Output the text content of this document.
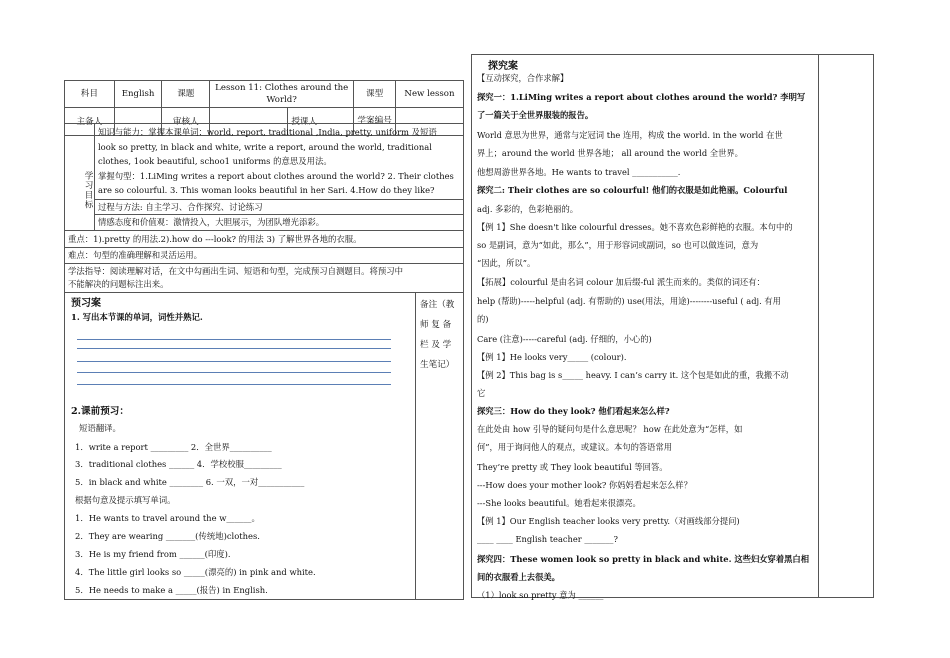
科目	English	课题	Lesson 11: Clothes around the World?		课型	New lesson
主备人		审核人		授课人	学案编号	
学习目标
知识与能力：掌握本课单词：world, report, traditional ,India, pretty, uniform 及短语
look so pretty, in black and white, write a report, around the world, traditional
clothes, 1ook beautiful, schoo1 uniforms 的意思及用法。
掌握句型：1.LiMing writes a report about clothes around the world? 2. Their clothes
are so colourful. 3. This woman looks beautiful in her Sari. 4.How do they like?
过程与方法: 自主学习、合作探究、讨论练习
情感态度和价值观：激情投入，大胆展示，为团队增光添彩。
重点：1).pretty 的用法.2).how do ---look? 的用法 3) 了解世界各地的衣服。
难点：句型的准确理解和灵活运用。
学法指导：阅读理解对话，在文中勾画出生词、短语和句型，完成预习自测题目。将预习中
不能解决的问题标注出来。
预习案
1. 写出本节课的单词，词性并熟记.
2.课前预习：
短语翻译。
1．write a report _________ 2．全世界__________
3．traditional clothes ______ 4．学校校服_________
5．in black and white ________ 6. 一双，一对___________
根据句意及提示填写单词。
1．He wants to travel around the w______。
2．They are wearing _______(传统地)clothes.
3．He is my friend from ______(印度).
4．The little girl looks so _____(漂亮的) in pink and white.
5．He needs to make a _____(报告) in English.
备注（教
师 复 备
栏 及 学
生笔记）
探究案
【互动探究，合作求解】
探究一：1.LiMing writes a report about clothes around the world? 李明写
了一篇关于全世界服装的报告。
World 意思为世界，通常与定冠词 the 连用，构成 the world. in the world 在世
界上；around the world 世界各地； all around the world 全世界。
他想周游世界各地。He wants to travel ___________.
探究二: Their clothes are so colourful! 他们的衣服是如此艳丽。Colourful
adj. 多彩的，色彩艳丽的。
【例 1】She doesn't like colourful dresses。她不喜欢色彩鲜艳的衣服。本句中的
so 是副词，意为“如此，那么”，用于形容词或副词，so 也可以做连词，意为
“因此，所以”。
【拓展】colourful 是由名词 colour 加后缀-ful 派生而来的。类似的词还有：
help (帮助)-----helpful (adj. 有帮助的) use(用法，用途)--------useful ( adj. 有用
的)
Care (注意)-----careful (adj. 仔细的，小心的)
【例 1】He looks very_____ (colour).
【例 2】This bag is s_____ heavy. I can’s carry it. 这个包是如此的重，我搬不动
它
探究三：How do they look? 他们看起来怎么样?
在此处由 how 引导的疑问句是什么意思呢？ how 在此处意为“怎样，如
何”，用于询问他人的观点，或建议。本句的答语常用
They’re pretty 或 They look beautiful 等回答。
---How does your mother look? 你妈妈看起来怎么样？
---She looks beautiful。她看起来很漂亮。
【例 1】Our English teacher looks very pretty.（对画线部分提问)
____ ____ English teacher _______?
探究四：These women look so pretty in black and white. 这些妇女穿着黑白相
间的衣服看上去很美。
（1）look so pretty 意为 ______
